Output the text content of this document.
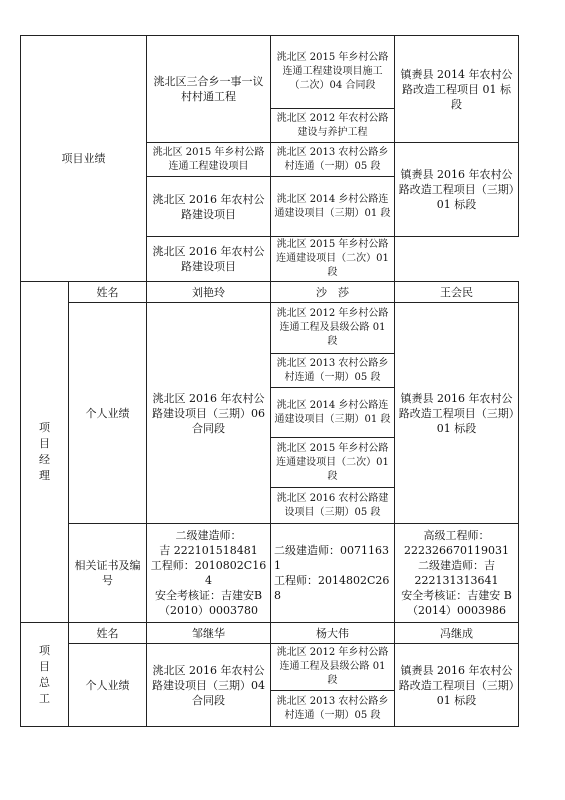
项目业绩		洮北区三合乡一事一议村村通工程	洮北区 2015 年乡村公路连通工程建设项目施工（二次）04 合同段	镇赉县 2014 年农村公路改造工程项目 01 标段
			洮北区 2012 年农村公路建设与养护工程	
		洮北区 2015 年乡村公路连通工程建设项目	洮北区 2013 农村公路乡村连通（一期）05 段	镇赉县 2016 年农村公路改造工程项目（三期）01 标段
		洮北区 2016 年农村公路建设项目	洮北区 2014 乡村公路连通建设项目（三期）01 段	

		洮北区 2016 年农村公路建设项目	洮北区 2015 年乡村公路连通建设项目（二次）01 段	
项目经理	姓名	刘艳玲	沙　莎	王会民
	个人业绩	洮北区 2016 年农村公路建设项目（三期）06 合同段	洮北区 2012 年乡村公路连通工程及县级公路 01 段	镇赉县 2016 年农村公路改造工程项目（三期）01 标段
			洮北区 2013 农村公路乡村连通（一期）05 段	
			洮北区 2014 乡村公路连通建设项目（三期）01 段	
			洮北区 2015 年乡村公路连通建设项目（二次）01 段	

			洮北区 2016 农村公路建设项目（三期）05 段	
	相关证书及编号	二级建造师：
吉 222101518481
工程师：2010802C164
安全考核证：吉建安B（2010）0003780	二级建造师：00711631
工程师：2014802C268	高级工程师：
222326670119031
二级建造师：吉
222131313641
安全考核证：吉建安 B（2014）0003986
项目总工	姓名	邹继华	杨大伟	冯继成
	个人业绩	洮北区 2016 年农村公路建设项目（三期）04 合同段	洮北区 2012 年乡村公路连通工程及县级公路 01 段	镇赉县 2016 年农村公路改造工程项目（三期）01 标段
			洮北区 2013 农村公路乡村连通（一期）05 段	
